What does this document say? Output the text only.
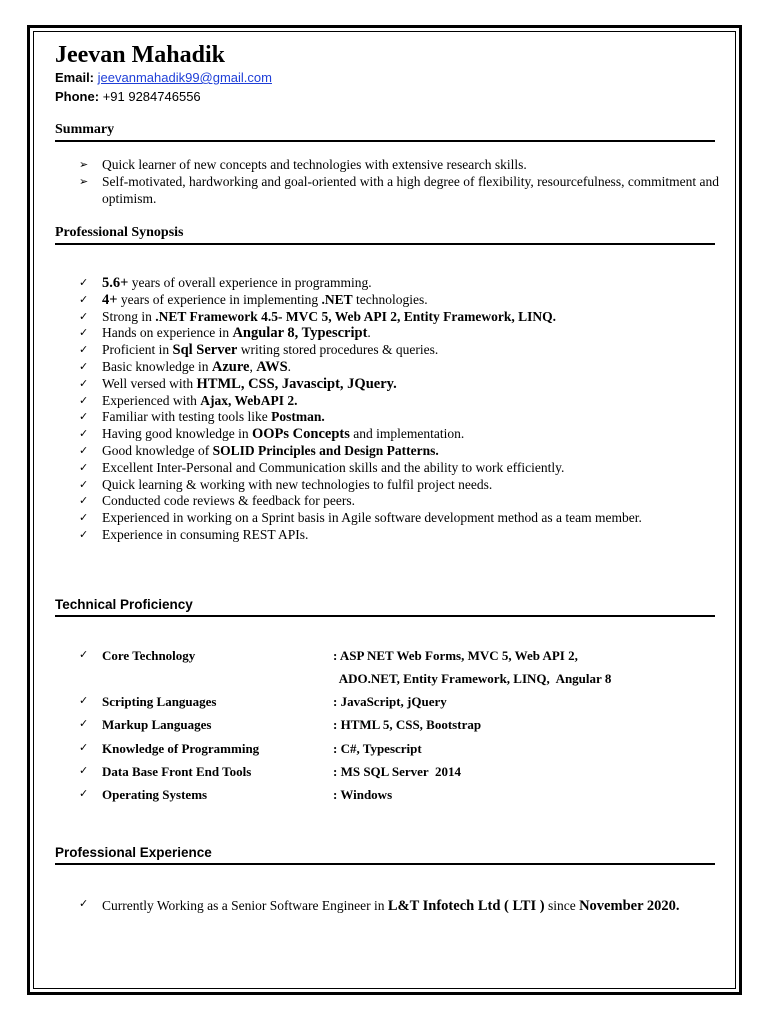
Jeevan Mahadik
Email: jeevanmahadik99@gmail.com
Phone: +91 9284746556
Summary
➢	Quick learner of new concepts and technologies with extensive research skills.
➢	Self-motivated, hardworking and goal-oriented with a high degree of flexibility, resourcefulness, commitment and optimism.
Professional Synopsis
✓ 5.6+ years of overall experience in programming.
✓ 4+ years of experience in implementing .NET technologies.
✓	Strong in .NET Framework 4.5- MVC 5, Web API 2, Entity Framework, LINQ.
✓	Hands on experience in Angular 8, Typescript.
✓	Proficient in Sql Server writing stored procedures & queries.
✓	Basic knowledge in Azure, AWS.
✓	Well versed with HTML, CSS, Javascipt, JQuery.
✓	Experienced with Ajax, WebAPI 2.
✓	Familiar with testing tools like Postman.
✓	Having good knowledge in OOPs Concepts and implementation.
✓	Good knowledge of SOLID Principles and Design Patterns.
✓	Excellent Inter-Personal and Communication skills and the ability to work efficiently.
✓	Quick learning & working with new technologies to fulfil project needs.
✓	Conducted code reviews & feedback for peers.
✓	Experienced in working on a Sprint basis in Agile software development method as a team member.
✓	Experience in consuming REST APIs.
Technical Proficiency
✓ Core Technology	: ASP NET Web Forms, MVC 5, Web API 2,
ADO.NET, Entity Framework, LINQ,  Angular 8
✓ Scripting Languages	: JavaScript, jQuery
✓ Markup Languages	: HTML 5, CSS, Bootstrap
✓ Knowledge of Programming	: C#, Typescript
✓ Data Base Front End Tools	: MS SQL Server  2014
✓ Operating Systems	: Windows
Professional Experience
✓ Currently Working as a Senior Software Engineer in L&T Infotech Ltd ( LTI ) since November 2020.
